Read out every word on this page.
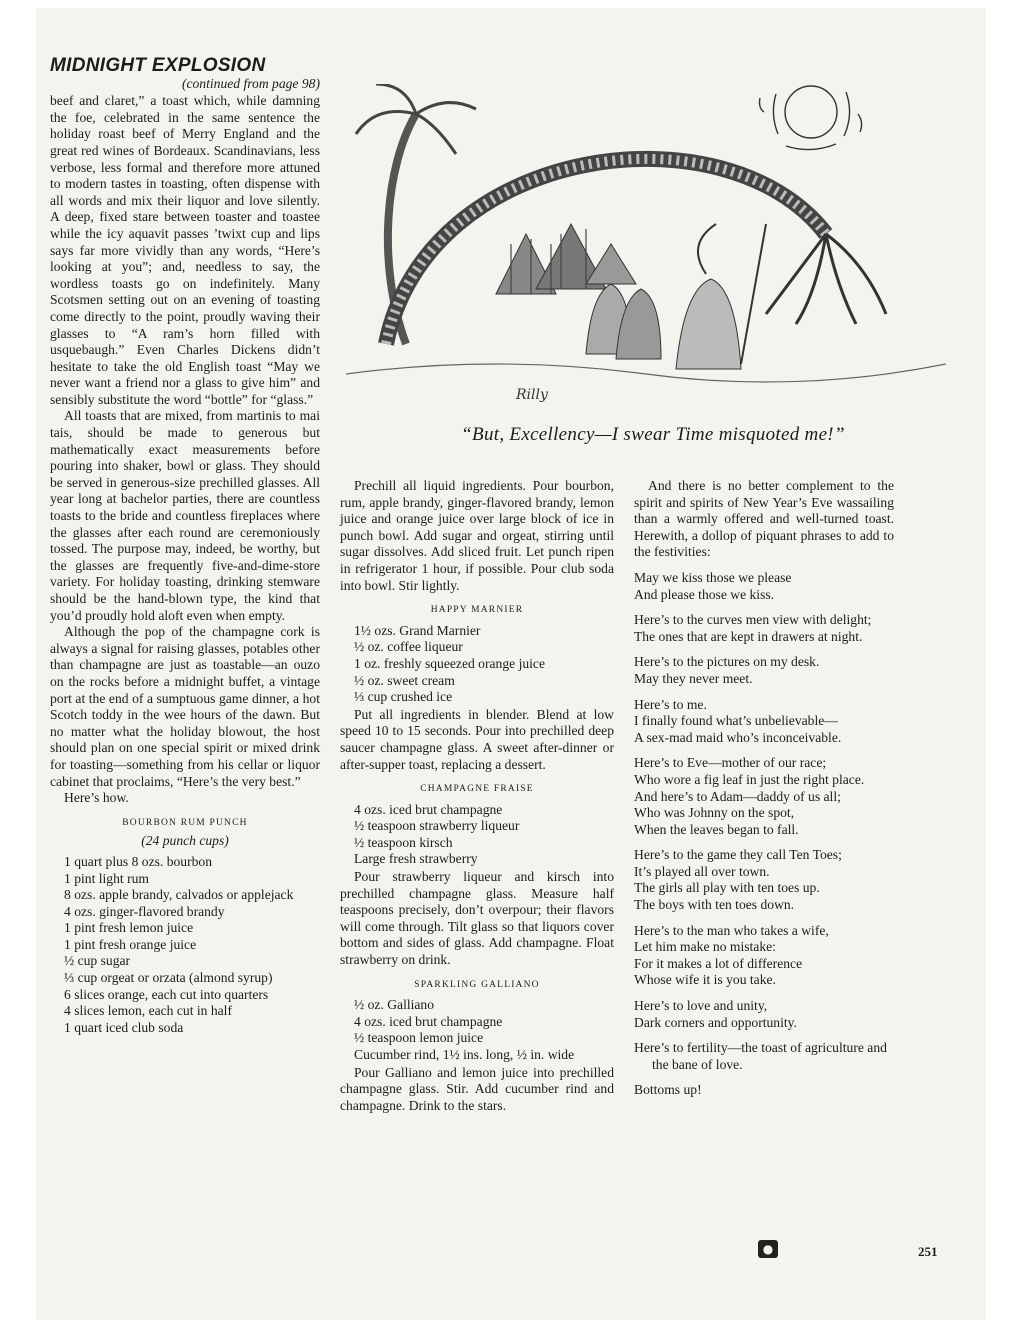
MIDNIGHT EXPLOSION
(continued from page 98)

beef and claret,” a toast which, while damning the foe, celebrated in the same sentence the holiday roast beef of Merry England and the great red wines of Bordeaux. Scandinavians, less verbose, less formal and therefore more attuned to modern tastes in toasting, often dispense with all words and mix their liquor and love silently. A deep, fixed stare between toaster and toastee while the icy aquavit passes ’twixt cup and lips says far more vividly than any words, “Here’s looking at you”; and, needless to say, the wordless toasts go on indefinitely. Many Scotsmen setting out on an evening of toasting come directly to the point, proudly waving their glasses to “A ram’s horn filled with usquebaugh.” Even Charles Dickens didn’t hesitate to take the old English toast “May we never want a friend nor a glass to give him” and sensibly substitute the word “bottle” for “glass.”

All toasts that are mixed, from martinis to mai tais, should be made to generous but mathematically exact measurements before pouring into shaker, bowl or glass. They should be served in generous-size prechilled glasses. All year long at bachelor parties, there are countless toasts to the bride and countless fireplaces where the glasses after each round are ceremoniously tossed. The purpose may, indeed, be worthy, but the glasses are frequently five-and-dime-store variety. For holiday toasting, drinking stemware should be the hand-blown type, the kind that you’d proudly hold aloft even when empty.

Although the pop of the champagne cork is always a signal for raising glasses, potables other than champagne are just as toastable—an ouzo on the rocks before a midnight buffet, a vintage port at the end of a sumptuous game dinner, a hot Scotch toddy in the wee hours of the dawn. But no matter what the holiday blowout, the host should plan on one special spirit or mixed drink for toasting—something from his cellar or liquor cabinet that proclaims, “Here’s the very best.”

Here’s how.

BOURBON RUM PUNCH
(24 punch cups)
1 quart plus 8 ozs. bourbon
1 pint light rum
8 ozs. apple brandy, calvados or applejack
4 ozs. ginger-flavored brandy
1 pint fresh lemon juice
1 pint fresh orange juice
½ cup sugar
⅓ cup orgeat or orzata (almond syrup)
6 slices orange, each cut into quarters
4 slices lemon, each cut in half
1 quart iced club soda
Rilly
“But, Excellency—I swear Time misquoted me!”

Prechill all liquid ingredients. Pour bourbon, rum, apple brandy, ginger-flavored brandy, lemon juice and orange juice over large block of ice in punch bowl. Add sugar and orgeat, stirring until sugar dissolves. Add sliced fruit. Let punch ripen in refrigerator 1 hour, if possible. Pour club soda into bowl. Stir lightly.

HAPPY MARNIER
1½ ozs. Grand Marnier
½ oz. coffee liqueur
1 oz. freshly squeezed orange juice
½ oz. sweet cream
⅓ cup crushed ice

Put all ingredients in blender. Blend at low speed 10 to 15 seconds. Pour into prechilled deep saucer champagne glass. A sweet after-dinner or after-supper toast, replacing a dessert.

CHAMPAGNE FRAISE
4 ozs. iced brut champagne
½ teaspoon strawberry liqueur
½ teaspoon kirsch
Large fresh strawberry

Pour strawberry liqueur and kirsch into prechilled champagne glass. Measure half teaspoons precisely, don’t overpour; their flavors will come through. Tilt glass so that liquors cover bottom and sides of glass. Add champagne. Float strawberry on drink.

SPARKLING GALLIANO
½ oz. Galliano
4 ozs. iced brut champagne
½ teaspoon lemon juice
Cucumber rind, 1½ ins. long, ½ in. wide

Pour Galliano and lemon juice into prechilled champagne glass. Stir. Add cucumber rind and champagne. Drink to the stars.

And there is no better complement to the spirit and spirits of New Year’s Eve wassailing than a warmly offered and well-turned toast. Herewith, a dollop of piquant phrases to add to the festivities:

May we kiss those we please
And please those we kiss.
Here’s to the curves men view with delight;
The ones that are kept in drawers at night.
Here’s to the pictures on my desk.
May they never meet.
Here’s to me.
I finally found what’s unbelievable—
A sex-mad maid who’s inconceivable.
Here’s to Eve—mother of our race;
Who wore a fig leaf in just the right place.
And here’s to Adam—daddy of us all;
Who was Johnny on the spot,
When the leaves began to fall.
Here’s to the game they call Ten Toes;
It’s played all over town.
The girls all play with ten toes up.
The boys with ten toes down.
Here’s to the man who takes a wife,
Let him make no mistake:
For it makes a lot of difference
Whose wife it is you take.
Here’s to love and unity,
Dark corners and opportunity.
Here’s to fertility—the toast of agriculture and the bane of love.
Bottoms up!
●	251
